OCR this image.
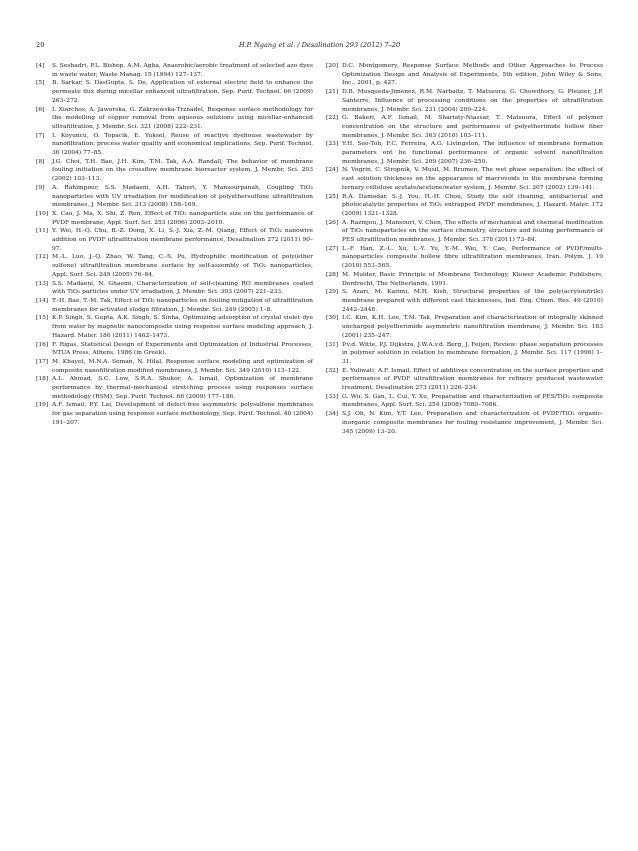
20	H.P. Ngang et al. / Desalination 293 (2012) 7–20

[4] S. Seshadri, P.L. Bishop, A.M. Agha, Anaerobic/aerobic treatment of selected azo dyes in waste water, Waste Manag. 15 (1994) 127–137.

[5] B. Sarkar, S. DasGupta, S. De, Application of external electric field to enhance the permeate flux during micellar enhanced ultrafiltration, Sep. Purif. Technol. 66 (2009) 263–272.

[6] I. Xiarchos, A. Jaworska, G. Zakrzewska-Trznadel, Response surface methodology for the modelling of copper removal from aqueous solutions using micellar-enhanced ultrafiltration, J. Membr. Sci. 321 (2008) 222–231.

[7] I. Koyuncu, O. Topacik, E. Yuksel, Reuse of reactive dyehouse wastewater by nanofiltration: process water quality and economical implications, Sep. Purif. Technol. 36 (2004) 77–85.

[8] J.G. Choi, T.H. Bae, J.H. Kim, T.M. Tak, A.A. Randall, The behavior of membrane fouling initiation on the crossflow membrane bioreactor system, J. Membr. Sci. 203 (2002) 103–113.

[9] A. Rahimpour, S.S. Madaeni, A.H. Taheri, Y. Mansourpanah, Coupling TiO₂ nanoparticles with UV irradiation for modification of polyethersulfone ultrafiltration membranes, J. Membr. Sci. 313 (2008) 158–169.

[10] X. Cao, J. Ma, X. Shi, Z. Ren, Effect of TiO₂ nanoparticle size on the performance of PVDF membrane, Appl. Surf. Sci. 253 (2006) 2003–2010.

[11] Y. Wei, H.-Q. Chu, B.-Z. Dong, X. Li, S.-J. Xia, Z.-M. Qiang, Effect of TiO₂ nanowire addition on PVDF ultrafiltration membrane performance, Desalination 272 (2011) 90–97.

[12] M.-L. Luo, J.-Q. Zhao, W. Tang, C.-S. Pu, Hydrophilic modification of poly(ether sulfone) ultrafiltration membrane surface by self-assembly of TiO₂ nanoparticles, Appl. Surf. Sci. 249 (2005) 76–84.

[13] S.S. Madaeni, N. Ghaemi, Characterization of self-cleaning RO membranes coated with TiO₂ particles under UV irradiation, J. Membr. Sci. 303 (2007) 221–233.

[14] T.-H. Bae, T.-M. Tak, Effect of TiO₂ nanoparticles on fouling mitigation of ultrafiltration membranes for activated sludge filtration, J. Membr. Sci. 249 (2005) 1–8.

[15] K.P. Singh, S. Gupta, A.K. Singh, S. Sinha, Optimizing adsorption of crystal violet dye from water by magnetic nanocomposite using response surface modeling approach, J. Hazard. Mater. 186 (2011) 1462–1473.

[16] F. Rigas, Statistical Design of Experiments and Optimization of Industrial Processes, NTUA Press, Athens, 1986 (in Greek).

[17] M. Khayet, M.N.A. Seman, N. Hilal, Response surface modeling and optimization of composite nanofiltration modified membranes, J. Membr. Sci. 349 (2010) 113–122.

[18] A.L. Ahmad, S.C. Low, S.R.A. Shukor, A. Ismail, Optimization of membrane performance by thermal–mechanical stretching process using responses surface methodology (RSM), Sep. Purif. Technol. 66 (2009) 177–186.

[19] A.F. Ismail, P.Y. Lai, Development of defect-free asymmetric polysulfone membranes for gas separation using response surface methodology, Sep. Purif. Technol. 40 (2004) 191–207.

[20] D.C. Montgomery, Response Surface Methods and Other Approaches to Process Optimization Design and Analysis of Experiments, 5th edition, John Wiley & Sons, Inc., 2001, p. 427.

[21] D.B. Mosqueda-Jimenez, R.M. Narbaitz, T. Matsuura, G. Chowdhury, G. Pleizier, J.P. Santerre, Influence of processing conditions on the properties of ultrafiltration membranes, J. Membr. Sci. 231 (2004) 209–224.

[22] G. Bakeri, A.F. Ismail, M. Shariaty-Niassar, T. Matsuura, Effect of polymer concentration on the structure and performance of polyetherimide hollow fiber membranes, J. Membr. Sci. 363 (2010) 103–111.

[23] Y.H. See-Toh, F.C. Ferreira, A.G. Livingston, The influence of membrane formation parameters ont he functional performance of organic solvent nanofiltration membranes, J. Membr. Sci. 209 (2007) 236–250.

[24] N. Vogrin, C. Stropnik, V. Musil, M. Brumen, The wet phase separation: the effect of cast solution thickness on the appearance of macrovoids in the membrane forming ternary cellulose acetate/acetone/water system, J. Membr. Sci. 207 (2002) 139–141.

[25] R.A. Damodar, S.-J. You, H.-H. Chou, Study the self cleaning, antibacterial and photocatalytic properties of TiO₂ entrapped PVDF membranes, J. Hazard. Mater. 172 (2009) 1321–1328.

[26] A. Razmjou, J. Mansouri, V. Chen, The effects of mechanical and chemical modification of TiO₂ nanoparticles on the surface chemistry, structure and fouling performance of PES ultrafiltration membranes, J. Membr. Sci. 378 (2011) 73–84.

[27] L.-F. Han, Z.-L. Xu, L.-Y. Yu, Y.-M. Wei, Y. Cao, Performance of PVDF/multi-nanoparticles composite hollow fibre ultrafiltration membranes, Iran. Polym. J. 19 (2010) 553–565.

[28] M. Mulder, Basic Principle of Membrane Technology, Kluwer Academic Publishers, Dordrecht, The Netherlands, 1991.

[29] S. Azari, M. Karimi, M.H. Kish, Structural properties of the poly(acrylonitrile) membrane prepared with different cast thicknesses, Ind. Eng. Chem. Res. 49 (2010) 2442–2448.

[30] I.C. Kim, K.H. Lee, T.M. Tak, Preparation and characterization of integrally skinned uncharged polyetherimide asymmetric nanofiltration membrane, J. Membr. Sci. 183 (2001) 235–247.

[31] P.v.d. Witte, P.J. Dijkstra, J.W.A.v.d. Berg, J. Feijen, Review: phase separation processes in polymer solution in relation to membrane formation, J. Membr. Sci. 117 (1996) 1–31.

[32] E. Yuliwati, A.F. Ismail, Effect of additives concentration on the surface properties and performance of PVDF ultrafiltration membranes for refinery produced wastewater treatment, Desalination 273 (2011) 226–234.

[33] G. Wu, S. Gan, L. Cui, Y. Xu, Preparation and characterization of PES/TiO₂ composite membranes, Appl. Surf. Sci. 254 (2008) 7080–7086.

[34] S.J. Oh, N. Kim, Y.T. Lee, Preparation and characterization of PVDF/TiO₂ organic-inorganic composite membranes for fouling resistance improvement, J. Membr. Sci. 345 (2009) 13–20.
